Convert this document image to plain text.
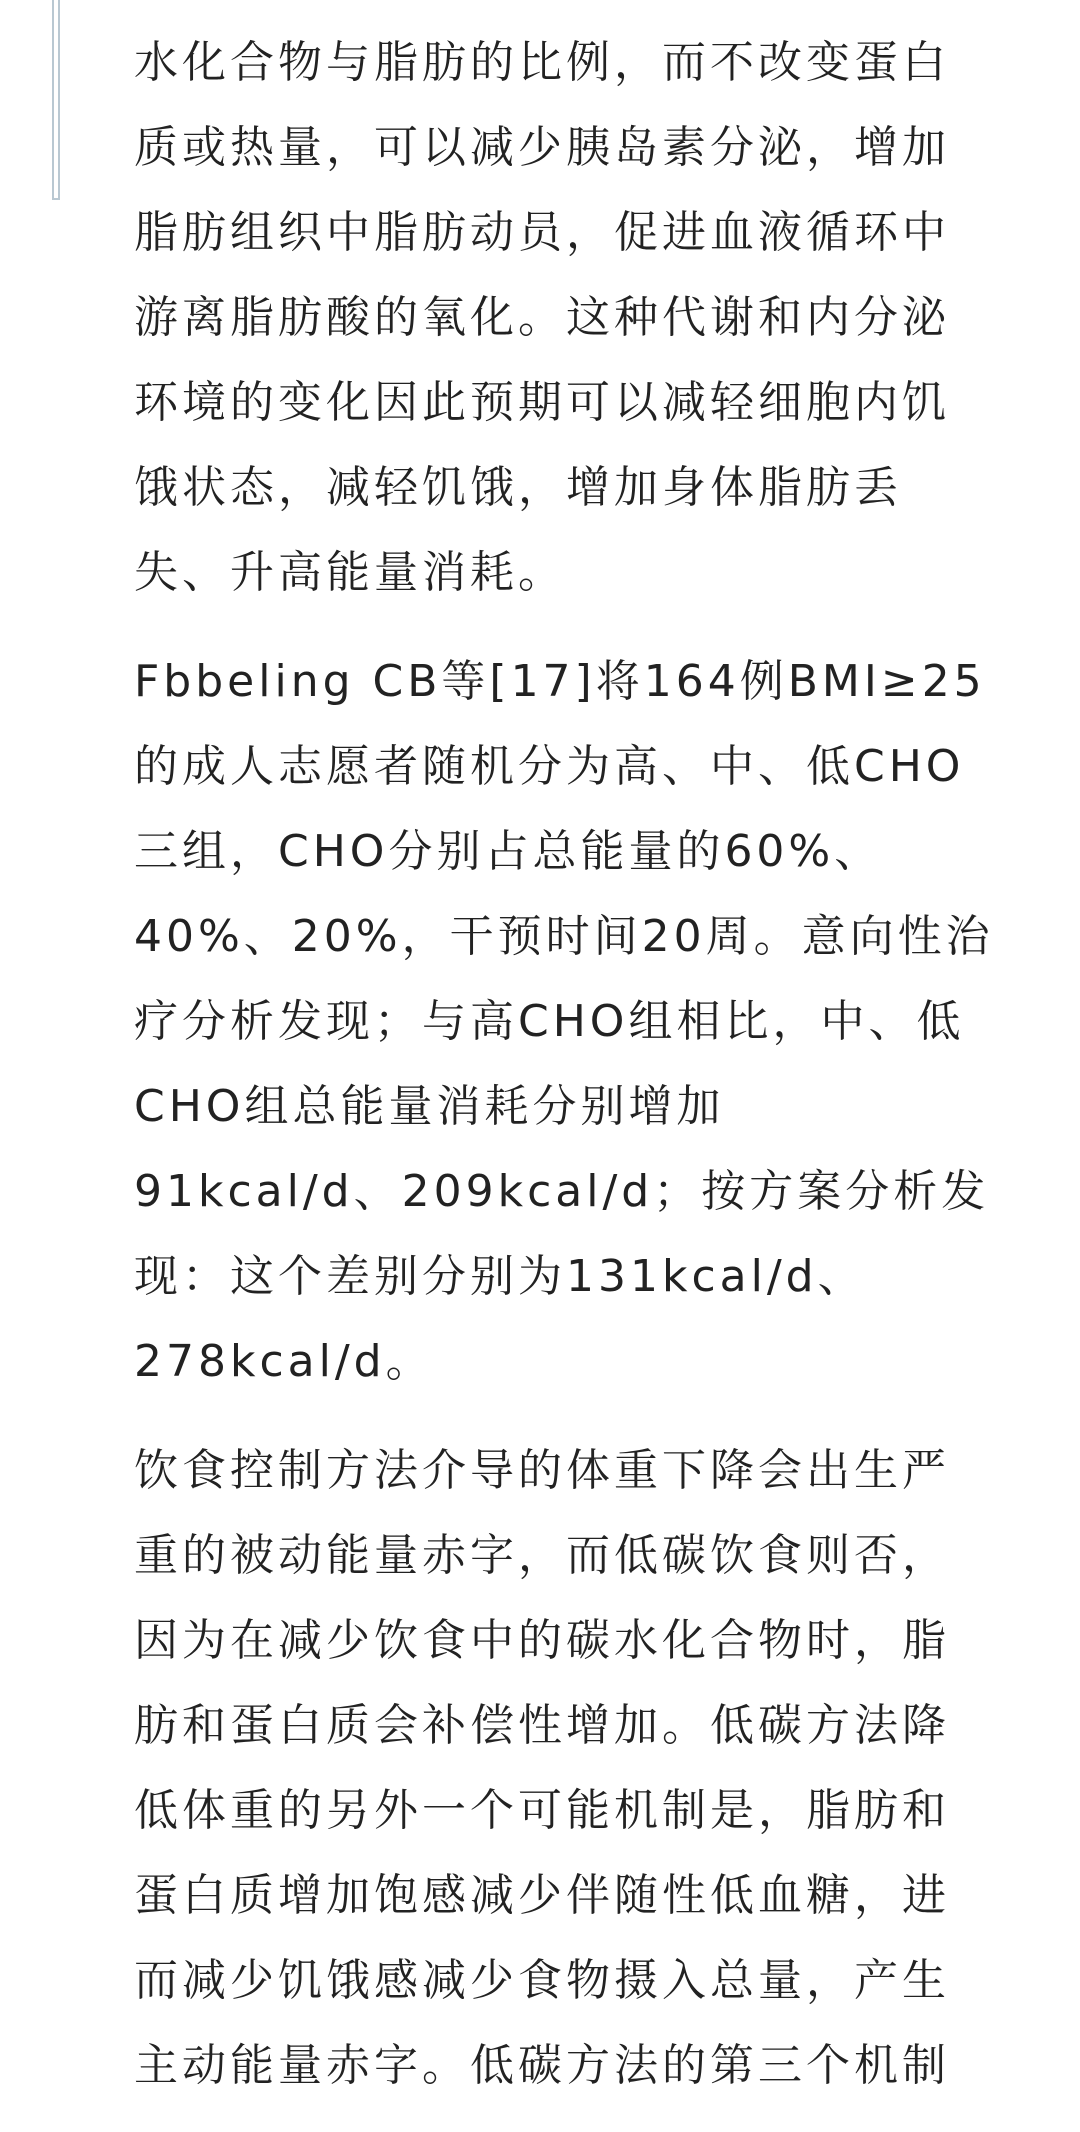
水化合物与脂肪的比例，而不改变蛋白
质或热量，可以减少胰岛素分泌，增加
脂肪组织中脂肪动员，促进血液循环中
游离脂肪酸的氧化。这种代谢和内分泌
环境的变化因此预期可以减轻细胞内饥
饿状态，减轻饥饿，增加身体脂肪丢
失、升高能量消耗。

Fbbeling CB等[17]将164例BMI≥25
的成人志愿者随机分为高、中、低CHO
三组，CHO分别占总能量的60%、
40%、20%，干预时间20周。意向性治
疗分析发现；与高CHO组相比，中、低
CHO组总能量消耗分别增加
91kcal/d、209kcal/d；按方案分析发
现：这个差别分别为131kcal/d、
278kcal/d。

饮食控制方法介导的体重下降会出生严
重的被动能量赤字，而低碳饮食则否，
因为在减少饮食中的碳水化合物时，脂
肪和蛋白质会补偿性增加。低碳方法降
低体重的另外一个可能机制是，脂肪和
蛋白质增加饱感减少伴随性低血糖，进
而减少饥饿感减少食物摄入总量，产生
主动能量赤字。低碳方法的第三个机制
